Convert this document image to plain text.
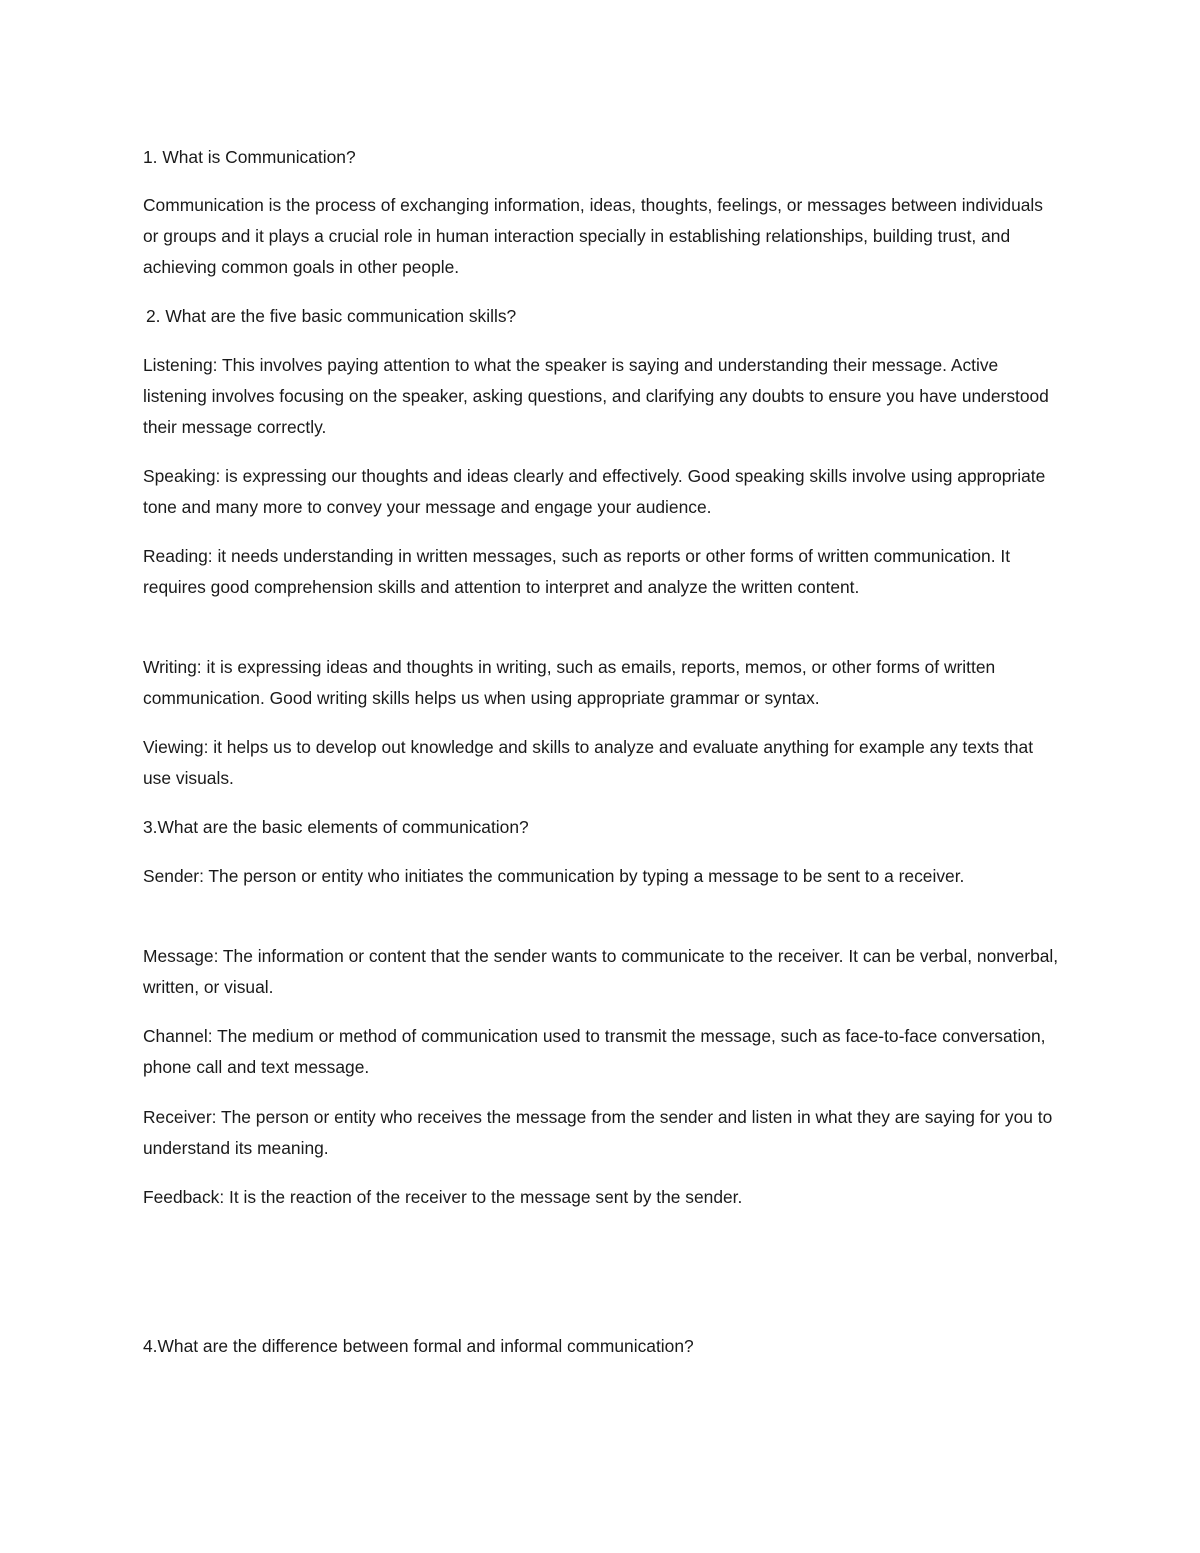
1. What is Communication?

Communication is the process of exchanging information, ideas, thoughts, feelings, or messages between individuals or groups and it plays a crucial role in human interaction specially in establishing relationships, building trust, and achieving common goals in other people.

2. What are the five basic communication skills?

Listening: This involves paying attention to what the speaker is saying and understanding their message. Active listening involves focusing on the speaker, asking questions, and clarifying any doubts to ensure you have understood their message correctly.

Speaking: is expressing our thoughts and ideas clearly and effectively. Good speaking skills involve using appropriate tone and many more to convey your message and engage your audience.

Reading: it needs understanding in written messages, such as reports or other forms of written communication. It requires good comprehension skills and attention to interpret and analyze the written content.

Writing: it is expressing ideas and thoughts in writing, such as emails, reports, memos, or other forms of written communication. Good writing skills helps us when using appropriate grammar or syntax.

Viewing: it helps us to develop out knowledge and skills to analyze and evaluate anything for example any texts that use visuals.

3.What are the basic elements of communication?

Sender: The person or entity who initiates the communication by typing a message to be sent to a receiver.

Message: The information or content that the sender wants to communicate to the receiver. It can be verbal, nonverbal, written, or visual.

Channel: The medium or method of communication used to transmit the message, such as face-to-face conversation, phone call and text message.

Receiver: The person or entity who receives the message from the sender and listen in what they are saying for you to understand its meaning.

Feedback: It is the reaction of the receiver to the message sent by the sender.

4.What are the difference between formal and informal communication?
